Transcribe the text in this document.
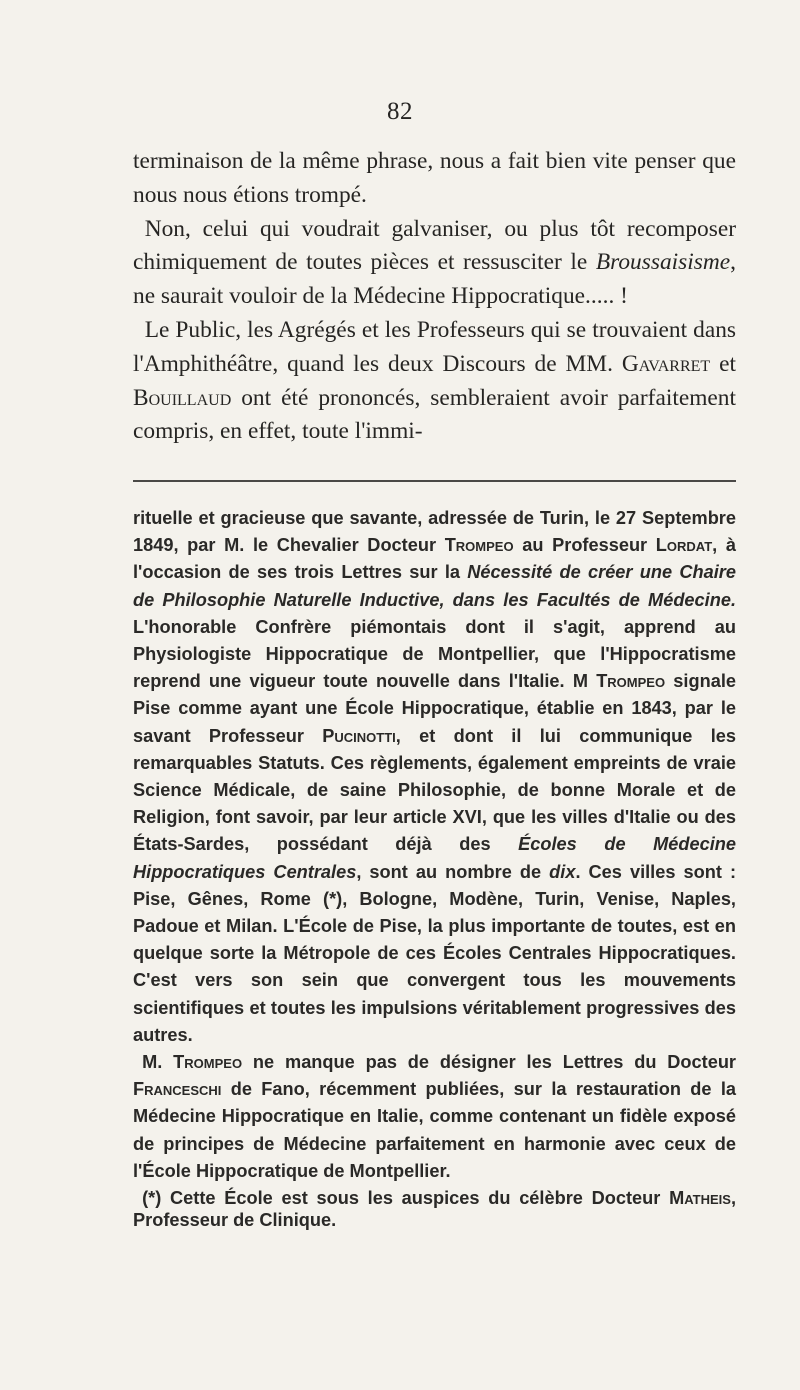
82

terminaison de la même phrase, nous a fait bien vite penser que nous nous étions trompé.

Non, celui qui voudrait galvaniser, ou plus tôt recomposer chimiquement de toutes pièces et ressusciter le Broussaisisme, ne saurait vouloir de la Médecine Hippocratique..... !

Le Public, les Agrégés et les Professeurs qui se trouvaient dans l'Amphithéâtre, quand les deux Discours de MM. Gavarret et Bouillaud ont été prononcés, sembleraient avoir parfaitement compris, en effet, toute l'immi-

rituelle et gracieuse que savante, adressée de Turin, le 27 Septembre 1849, par M. le Chevalier Docteur Trompeo au Professeur Lordat, à l'occasion de ses trois Lettres sur la Nécessité de créer une Chaire de Philosophie Naturelle Inductive, dans les Facultés de Médecine. L'honorable Confrère piémontais dont il s'agit, apprend au Physiologiste Hippocratique de Montpellier, que l'Hippocratisme reprend une vigueur toute nouvelle dans l'Italie. M Trompeo signale Pise comme ayant une École Hippocratique, établie en 1843, par le savant Professeur Pucinotti, et dont il lui communique les remarquables Statuts. Ces règlements, également empreints de vraie Science Médicale, de saine Philosophie, de bonne Morale et de Religion, font savoir, par leur article XVI, que les villes d'Italie ou des États-Sardes, possédant déjà des Écoles de Médecine Hippocratiques Centrales, sont au nombre de dix. Ces villes sont : Pise, Gênes, Rome (*), Bologne, Modène, Turin, Venise, Naples, Padoue et Milan. L'École de Pise, la plus importante de toutes, est en quelque sorte la Métropole de ces Écoles Centrales Hippocratiques. C'est vers son sein que convergent tous les mouvements scientifiques et toutes les impulsions véritablement progressives des autres.

M. Trompeo ne manque pas de désigner les Lettres du Docteur Franceschi de Fano, récemment publiées, sur la restauration de la Médecine Hippocratique en Italie, comme contenant un fidèle exposé de principes de Médecine parfaitement en harmonie avec ceux de l'École Hippocratique de Montpellier.

(*) Cette École est sous les auspices du célèbre Docteur Matheis, Professeur de Clinique.
